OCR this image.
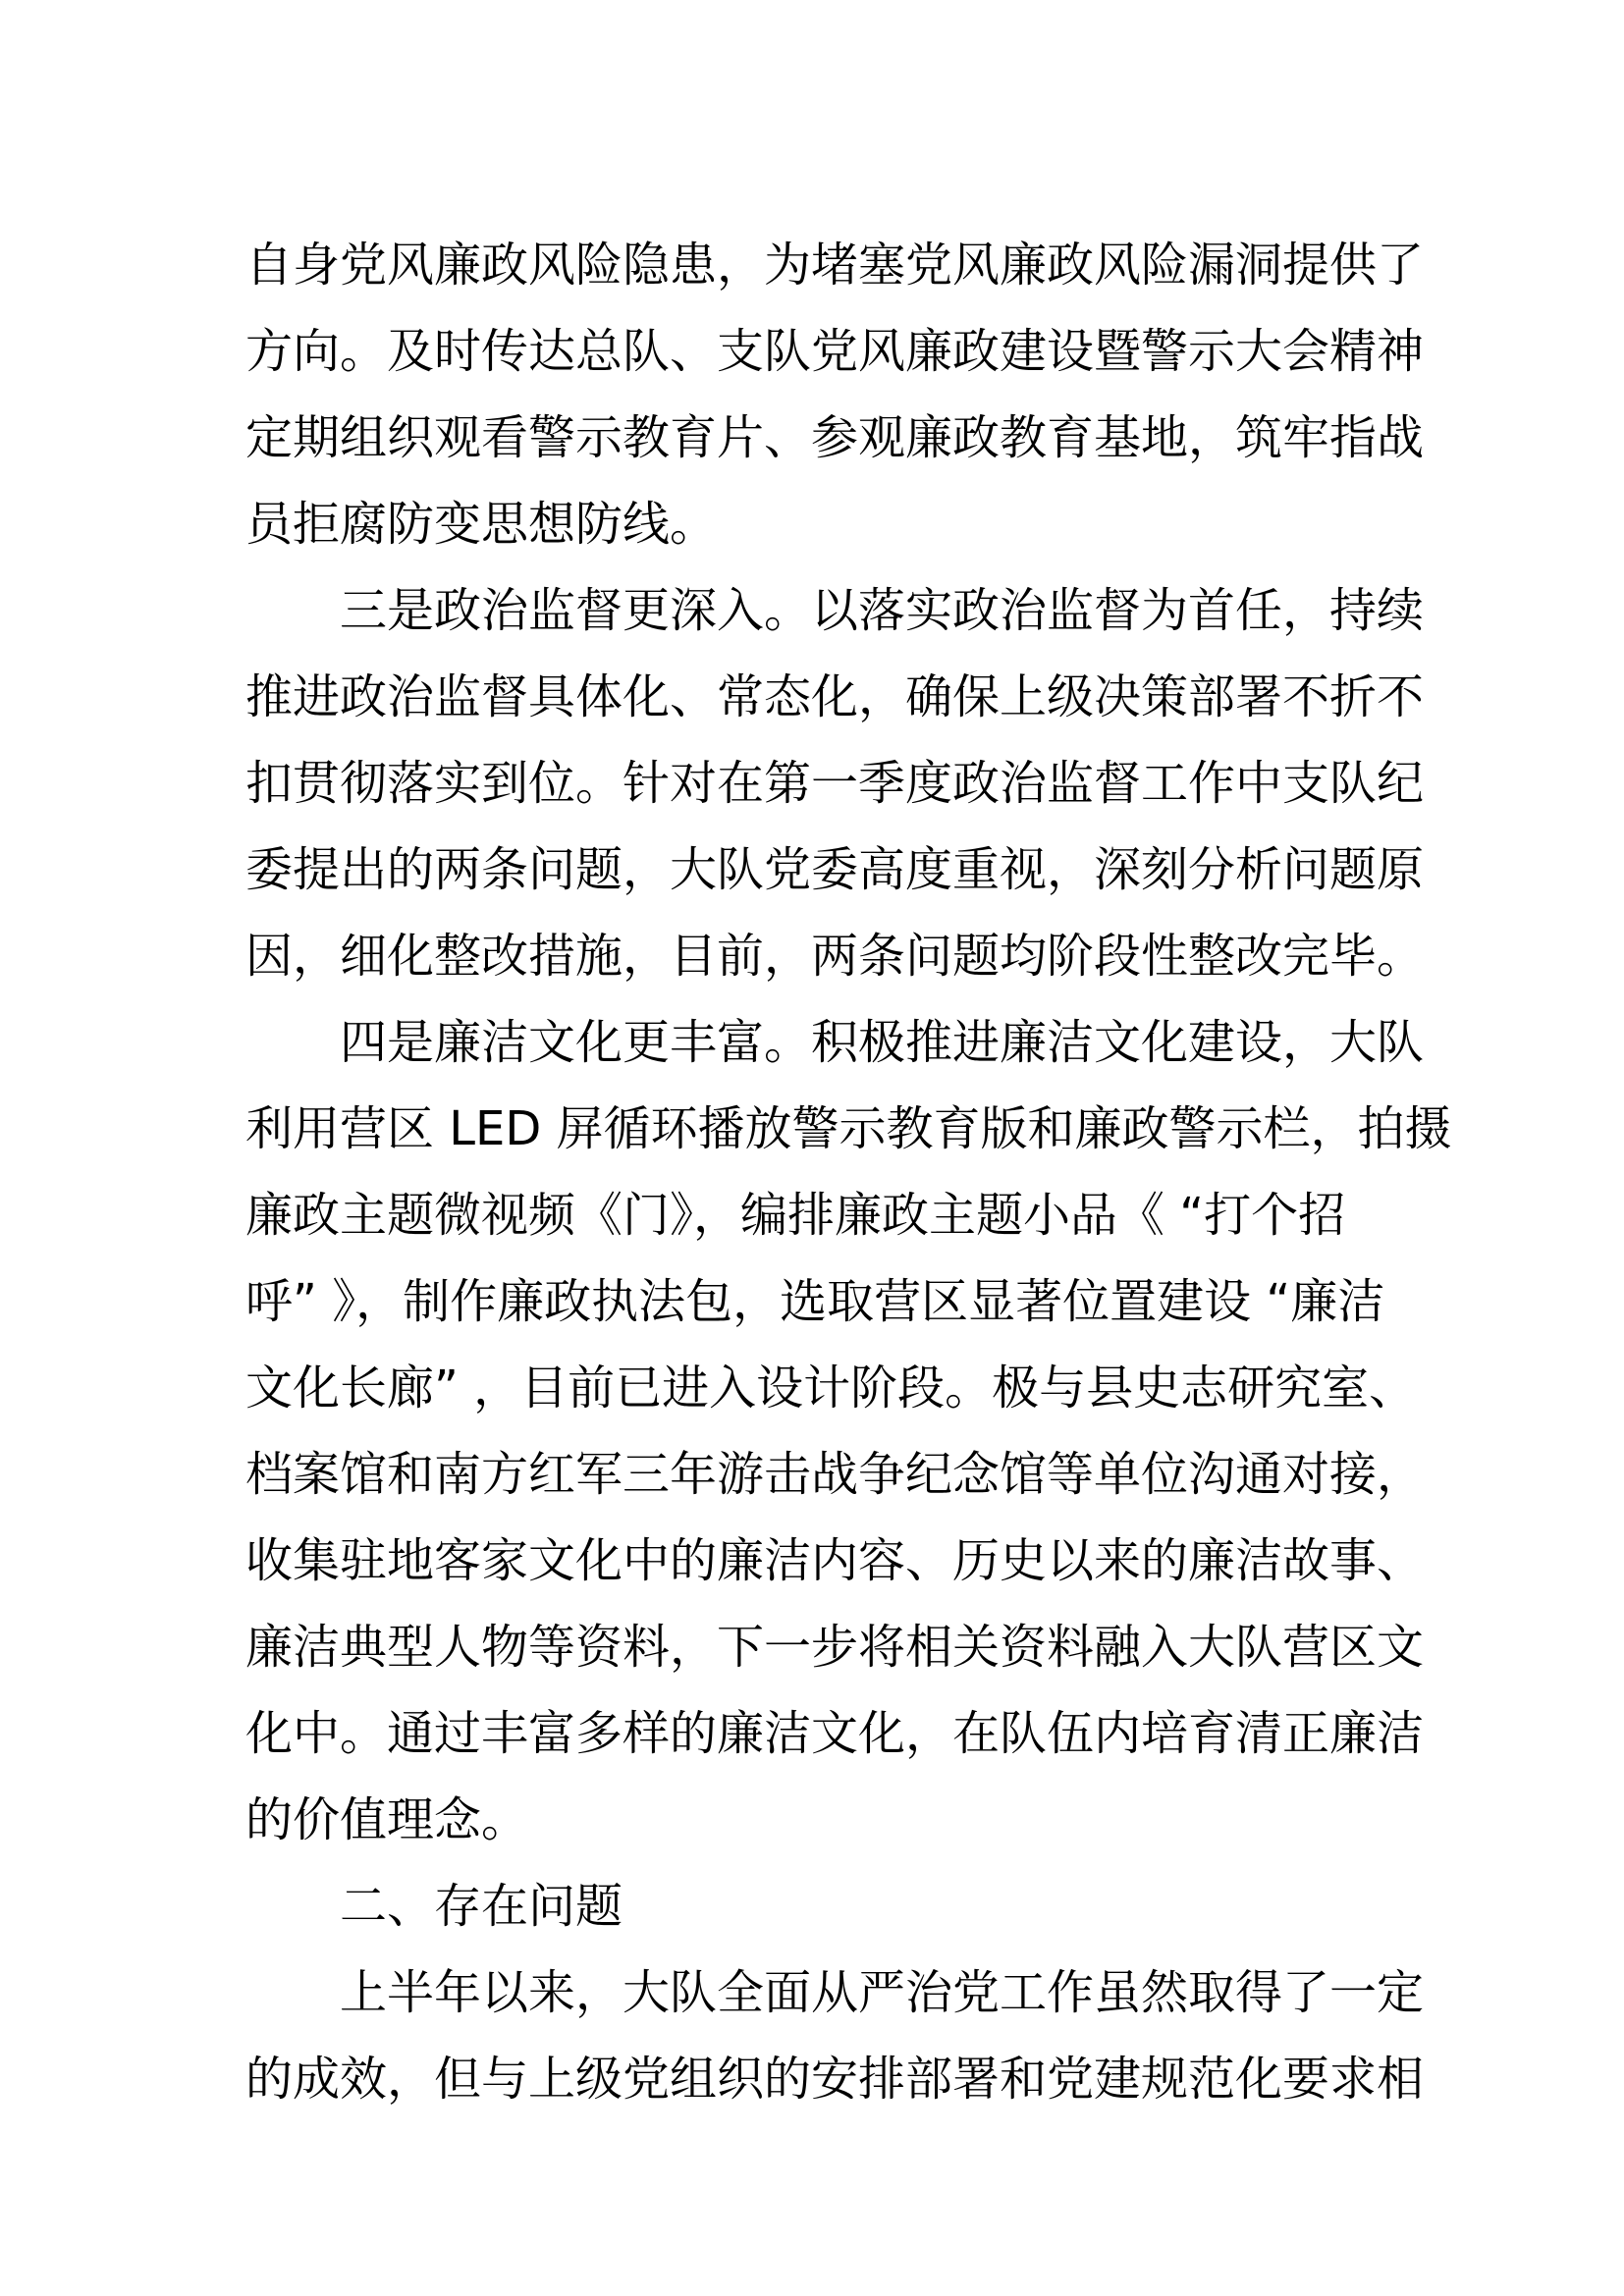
自身党风廉政风险隐患，为堵塞党风廉政风险漏洞提供了
方向。及时传达总队、支队党风廉政建设暨警示大会精神
定期组织观看警示教育片、参观廉政教育基地，筑牢指战
员拒腐防变思想防线。
三是政治监督更深入。以落实政治监督为首任，持续
推进政治监督具体化、常态化，确保上级决策部署不折不
扣贯彻落实到位。针对在第一季度政治监督工作中支队纪
委提出的两条问题，大队党委高度重视，深刻分析问题原
因，细化整改措施，目前，两条问题均阶段性整改完毕。
四是廉洁文化更丰富。积极推进廉洁文化建设，大队
利用营区 LED 屏循环播放警示教育版和廉政警示栏，拍摄
廉政主题微视频《门》，编排廉政主题小品《 “打个招
呼” 》，制作廉政执法包，选取营区显著位置建设 “廉洁
文化长廊” ，目前已进入设计阶段。极与县史志研究室、
档案馆和南方红军三年游击战争纪念馆等单位沟通对接，
收集驻地客家文化中的廉洁内容、历史以来的廉洁故事、
廉洁典型人物等资料，下一步将相关资料融入大队营区文
化中。通过丰富多样的廉洁文化，在队伍内培育清正廉洁
的价值理念。
二、存在问题
上半年以来，大队全面从严治党工作虽然取得了一定
的成效，但与上级党组织的安排部署和党建规范化要求相
